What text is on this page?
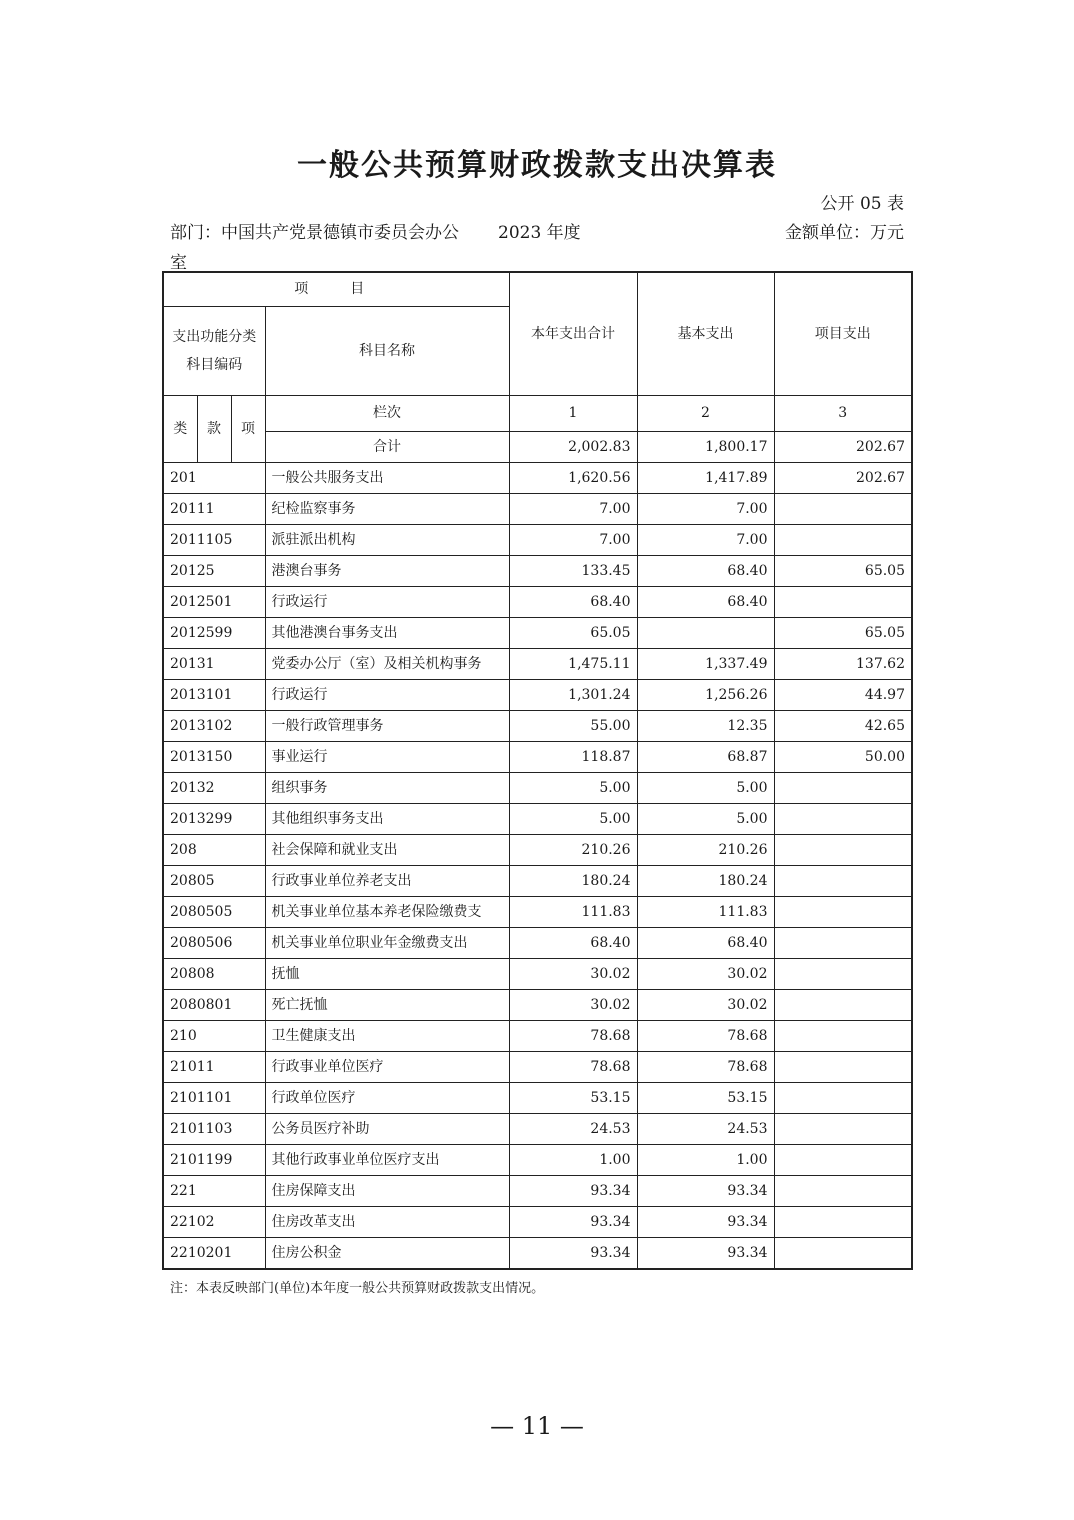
一般公共预算财政拨款支出决算表
公开 05 表
部门：中国共产党景德镇市委员会办公室
2023 年度	金额单位：万元
项　目				本年支出合计	基本支出	项目支出
支出功能分类科目编码			科目名称			
类	款	项	栏次	1	2	3
			合计	2,002.83	1,800.17	202.67
201			一般公共服务支出	1,620.56	1,417.89	202.67
20111			纪检监察事务	7.00	7.00	
2011105			派驻派出机构	7.00	7.00	
20125			港澳台事务	133.45	68.40	65.05
2012501			行政运行	68.40	68.40	
2012599			其他港澳台事务支出	65.05		65.05
20131			党委办公厅（室）及相关机构事务	1,475.11	1,337.49	137.62
2013101			行政运行	1,301.24	1,256.26	44.97
2013102			一般行政管理事务	55.00	12.35	42.65
2013150			事业运行	118.87	68.87	50.00
20132			组织事务	5.00	5.00	
2013299			其他组织事务支出	5.00	5.00	
208			社会保障和就业支出	210.26	210.26	
20805			行政事业单位养老支出	180.24	180.24	
2080505			机关事业单位基本养老保险缴费支	111.83	111.83	
2080506			机关事业单位职业年金缴费支出	68.40	68.40	
20808			抚恤	30.02	30.02	
2080801			死亡抚恤	30.02	30.02	
210			卫生健康支出	78.68	78.68	
21011			行政事业单位医疗	78.68	78.68	
2101101			行政单位医疗	53.15	53.15	
2101103			公务员医疗补助	24.53	24.53	
2101199			其他行政事业单位医疗支出	1.00	1.00	
221			住房保障支出	93.34	93.34	
22102			住房改革支出	93.34	93.34	
2210201			住房公积金	93.34	93.34	
注：本表反映部门(单位)本年度一般公共预算财政拨款支出情况。
— 11 —
